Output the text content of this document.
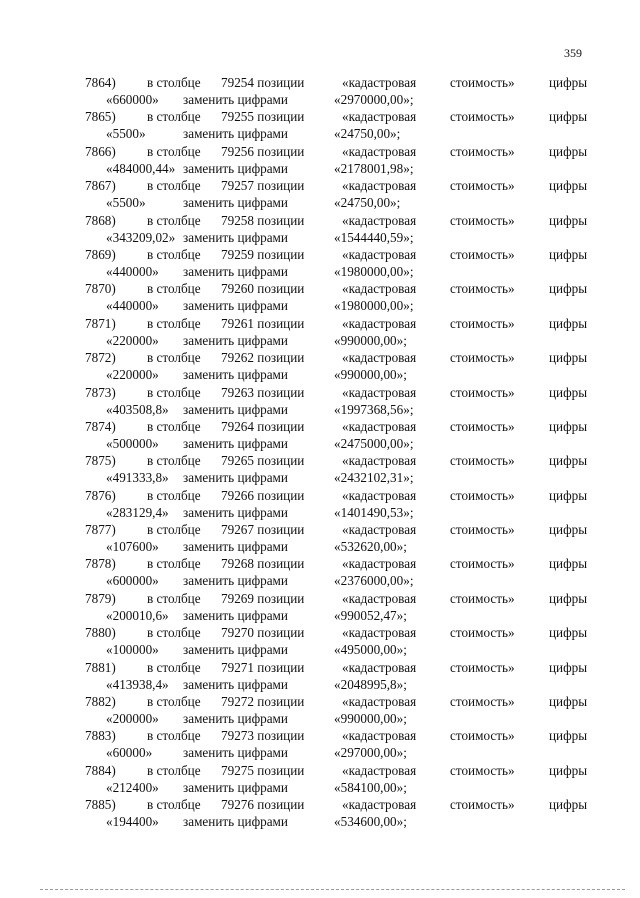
359
7864) в столбце 79254 позиции	«кадастровая	стоимость»	цифры
«660000» заменить цифрами	«2970000,00»;
7865) в столбце 79255 позиции	«кадастровая	стоимость»	цифры
«5500»	заменить цифрами	«24750,00»;
7866) в столбце 79256 позиции	«кадастровая	стоимость»	цифры
«484000,44» заменить цифрами	«2178001,98»;
7867) в столбце 79257 позиции	«кадастровая	стоимость»	цифры
«5500»	заменить цифрами	«24750,00»;
7868) в столбце 79258 позиции	«кадастровая	стоимость»	цифры
«343209,02» заменить цифрами	«1544440,59»;
7869) в столбце 79259 позиции	«кадастровая	стоимость»	цифры
«440000» заменить цифрами	«1980000,00»;
7870) в столбце 79260 позиции	«кадастровая	стоимость»	цифры
«440000» заменить цифрами	«1980000,00»;
7871) в столбце 79261 позиции	«кадастровая	стоимость»	цифры
«220000» заменить цифрами	«990000,00»;
7872) в столбце 79262 позиции	«кадастровая	стоимость»	цифры
«220000» заменить цифрами	«990000,00»;
7873) в столбце 79263 позиции	«кадастровая	стоимость»	цифры
«403508,8» заменить цифрами	«1997368,56»;
7874) в столбце 79264 позиции	«кадастровая	стоимость»	цифры
«500000» заменить цифрами	«2475000,00»;
7875) в столбце 79265 позиции	«кадастровая	стоимость»	цифры
«491333,8» заменить цифрами	«2432102,31»;
7876) в столбце 79266 позиции	«кадастровая	стоимость»	цифры
«283129,4» заменить цифрами	«1401490,53»;
7877) в столбце 79267 позиции	«кадастровая	стоимость»	цифры
«107600» заменить цифрами	«532620,00»;
7878) в столбце 79268 позиции	«кадастровая	стоимость»	цифры
«600000» заменить цифрами	«2376000,00»;
7879) в столбце 79269 позиции	«кадастровая	стоимость»	цифры
«200010,6» заменить цифрами	«990052,47»;
7880) в столбце 79270 позиции	«кадастровая	стоимость»	цифры
«100000» заменить цифрами	«495000,00»;
7881) в столбце 79271 позиции	«кадастровая	стоимость»	цифры
«413938,4» заменить цифрами	«2048995,8»;
7882) в столбце 79272 позиции	«кадастровая	стоимость»	цифры
«200000» заменить цифрами	«990000,00»;
7883) в столбце 79273 позиции	«кадастровая	стоимость»	цифры
«60000» заменить цифрами	«297000,00»;
7884) в столбце 79275 позиции	«кадастровая	стоимость»	цифры
«212400» заменить цифрами	«584100,00»;
7885) в столбце 79276 позиции	«кадастровая	стоимость»	цифры
«194400» заменить цифрами	«534600,00»;
